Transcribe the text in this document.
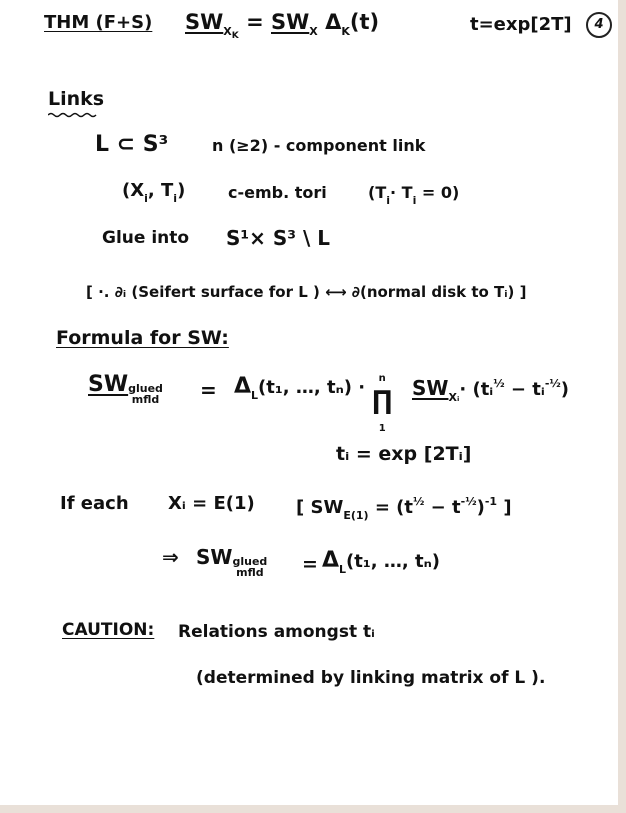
THM (F+S) $SW_{XK} = SW_X$ $\Delta_K(t)$	t=exp[2T]	4
Links
L ⊂ S³	n (≥2) - component link
($X_i$, $T_i$)	c-emb. tori	$(T_i\cdot T_i = 0)$
Glue into S¹× S³ \ L
[ ·. ∂ᵢ (Seifert surface for L ) ⟷ ∂(normal disk to Tᵢ) ]
Formula for SW:
SWglued
mfld = $\Delta_L(t_1$, …, tₙ) ·	n
∏
1
$SW_{Xᵢ}\cdot$ (tᵢ$^{\frac{1}{2}}$ − tᵢ$^{-\frac{1}{2}}$)
tᵢ = exp [2Tᵢ]
If each Xᵢ = E(1) [ $SW_{E(1)} = (t^{\frac{1}{2}} - t^{-\frac{1}{2}})^{-1}$ ]
⇒ SWglued
mfld = $\Delta_L(t_1$, …, tₙ)
CAUTION: Relations amongst tᵢ
(determined by linking matrix of L ).
